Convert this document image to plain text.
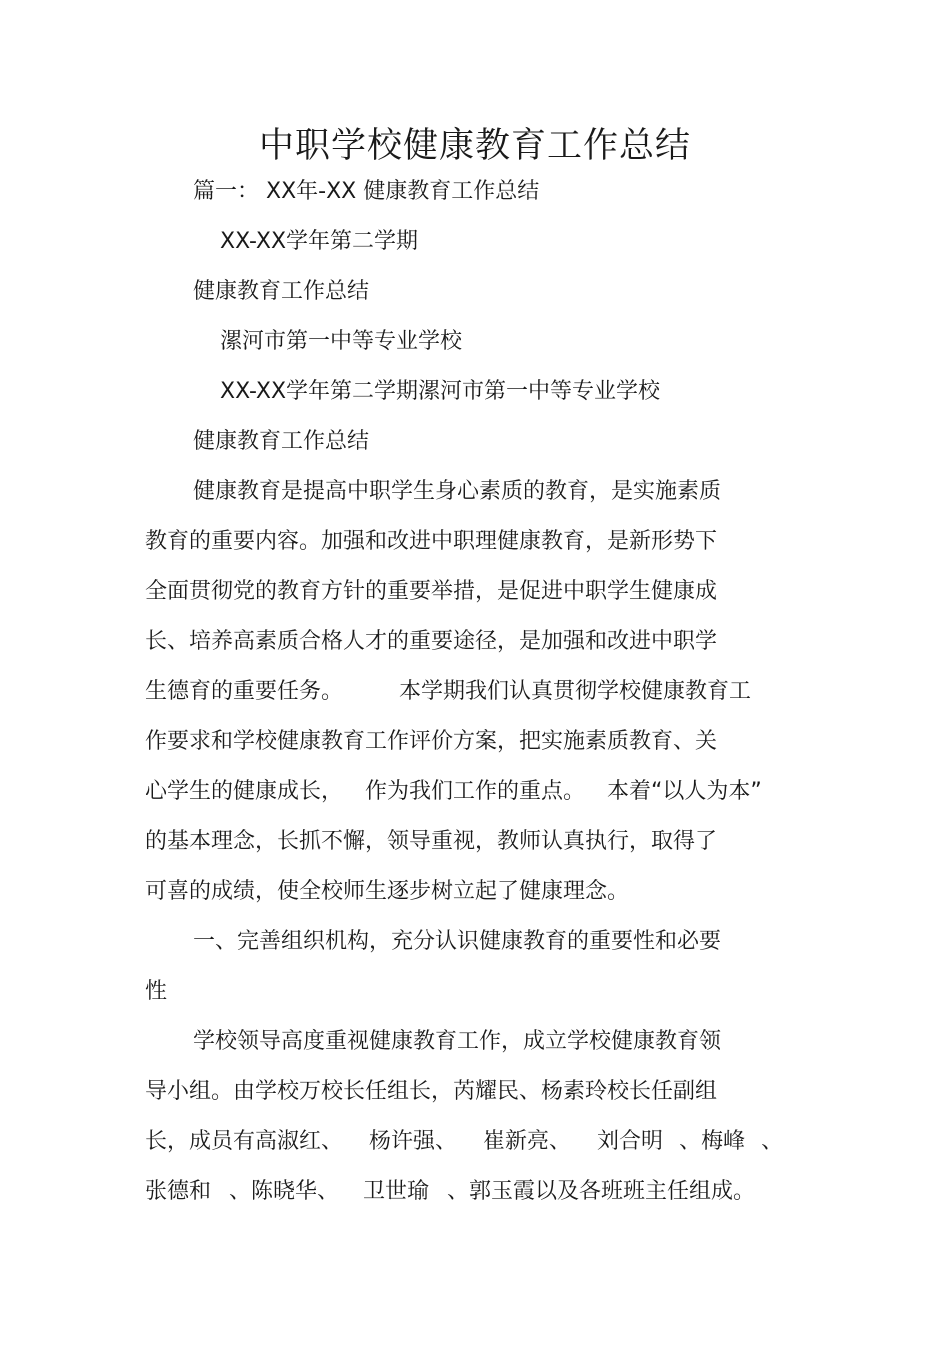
中职学校健康教育工作总结
篇一： XX年-XX 健康教育工作总结
XX-XX学年第二学期
健康教育工作总结
漯河市第一中等专业学校
XX-XX学年第二学期漯河市第一中等专业学校
健康教育工作总结
健康教育是提高中职学生身心素质的教育，是实施素质
教育的重要内容。加强和改进中职理健康教育，是新形势下
全面贯彻党的教育方针的重要举措，是促进中职学生健康成
长、培养高素质合格人才的重要途径，是加强和改进中职学
生德育的重要任务。	本学期我们认真贯彻学校健康教育工
作要求和学校健康教育工作评价方案，把实施素质教育、关
心学生的健康成长， 作为我们工作的重点。 本着“以人为本”
的基本理念，长抓不懈，领导重视，教师认真执行，取得了
可喜的成绩，使全校师生逐步树立起了健康理念。
一、完善组织机构，充分认识健康教育的重要性和必要
性
学校领导高度重视健康教育工作，成立学校健康教育领
导小组。由学校万校长任组长，芮耀民、杨素玲校长任副组
长，成员有高淑红、 杨许强、 崔新亮、 刘合明 、梅峰 、
张德和 、陈晓华、 卫世瑜 、郭玉霞以及各班班主任组成。
